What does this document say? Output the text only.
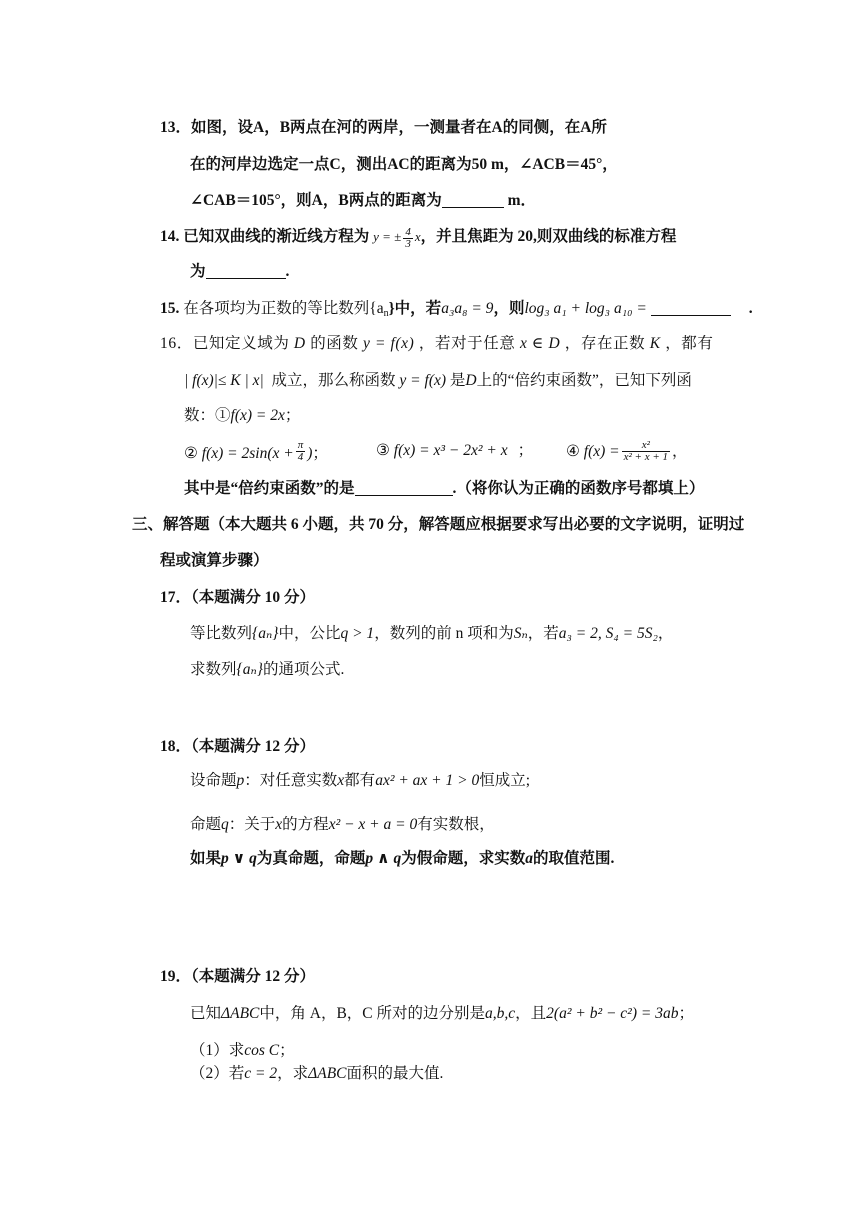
13．如图，设A，B两点在河的两岸，一测量者在A的同侧，在A所
在的河岸边选定一点C，测出AC的距离为50 m，∠ACB＝45°，
∠CAB＝105°，则A，B两点的距离为	m．
14. 已知双曲线的渐近线方程为 y = ± $\frac{4}{3}$ x，并且焦距为 20,则双曲线的标准方程
为	.
15. 在各项均为正数的等比数列$\{a_n\}$中，若a₃a₈ = 9，则log₃ a₁ + log₃ a₁₀ =	.
16．已知定义域为 D 的函数 y = f(x) ，若对于任意 x ∈ D ，存在正数 K ，都有
| f(x)|≤ K | x| 成立，那么称函数 y = f(x) 是D上的“倍约束函数”，已知下列函
数：①f(x) = 2x；
② $f(x) = 2\sin(x + \frac{\pi}{4}$ )；	③ f(x) = x³ − 2x² + x ； ④ $f(x) = \frac{\text{x²}}{\text{x² + x + 1}}$ ，
其中是“倍约束函数”的是	.（将你认为正确的函数序号都填上）
三、解答题（本大题共 6 小题，共 70 分，解答题应根据要求写出必要的文字说明，证明过
程或演算步骤）
17．（本题满分 10 分）
等比数列{aₙ}中，公比q > 1，数列的前 n 项和为Sₙ，若a₃ = 2, S₄ = 5S₂，
求数列{aₙ}的通项公式.
18．（本题满分 12 分）
设命题p：对任意实数x都有ax² + ax + 1 > 0恒成立;
命题q：关于x的方程x² − x + a = 0有实数根，
如果p ∨ q为真命题，命题p ∧ q为假命题，求实数a的取值范围.
19．（本题满分 12 分）
已知ΔABC中，角 A，B，C 所对的边分别是a,b,c，且2(a² + b² − c²) = 3ab；
（1）求cos C；
（2）若c = 2，求ΔABC面积的最大值.
